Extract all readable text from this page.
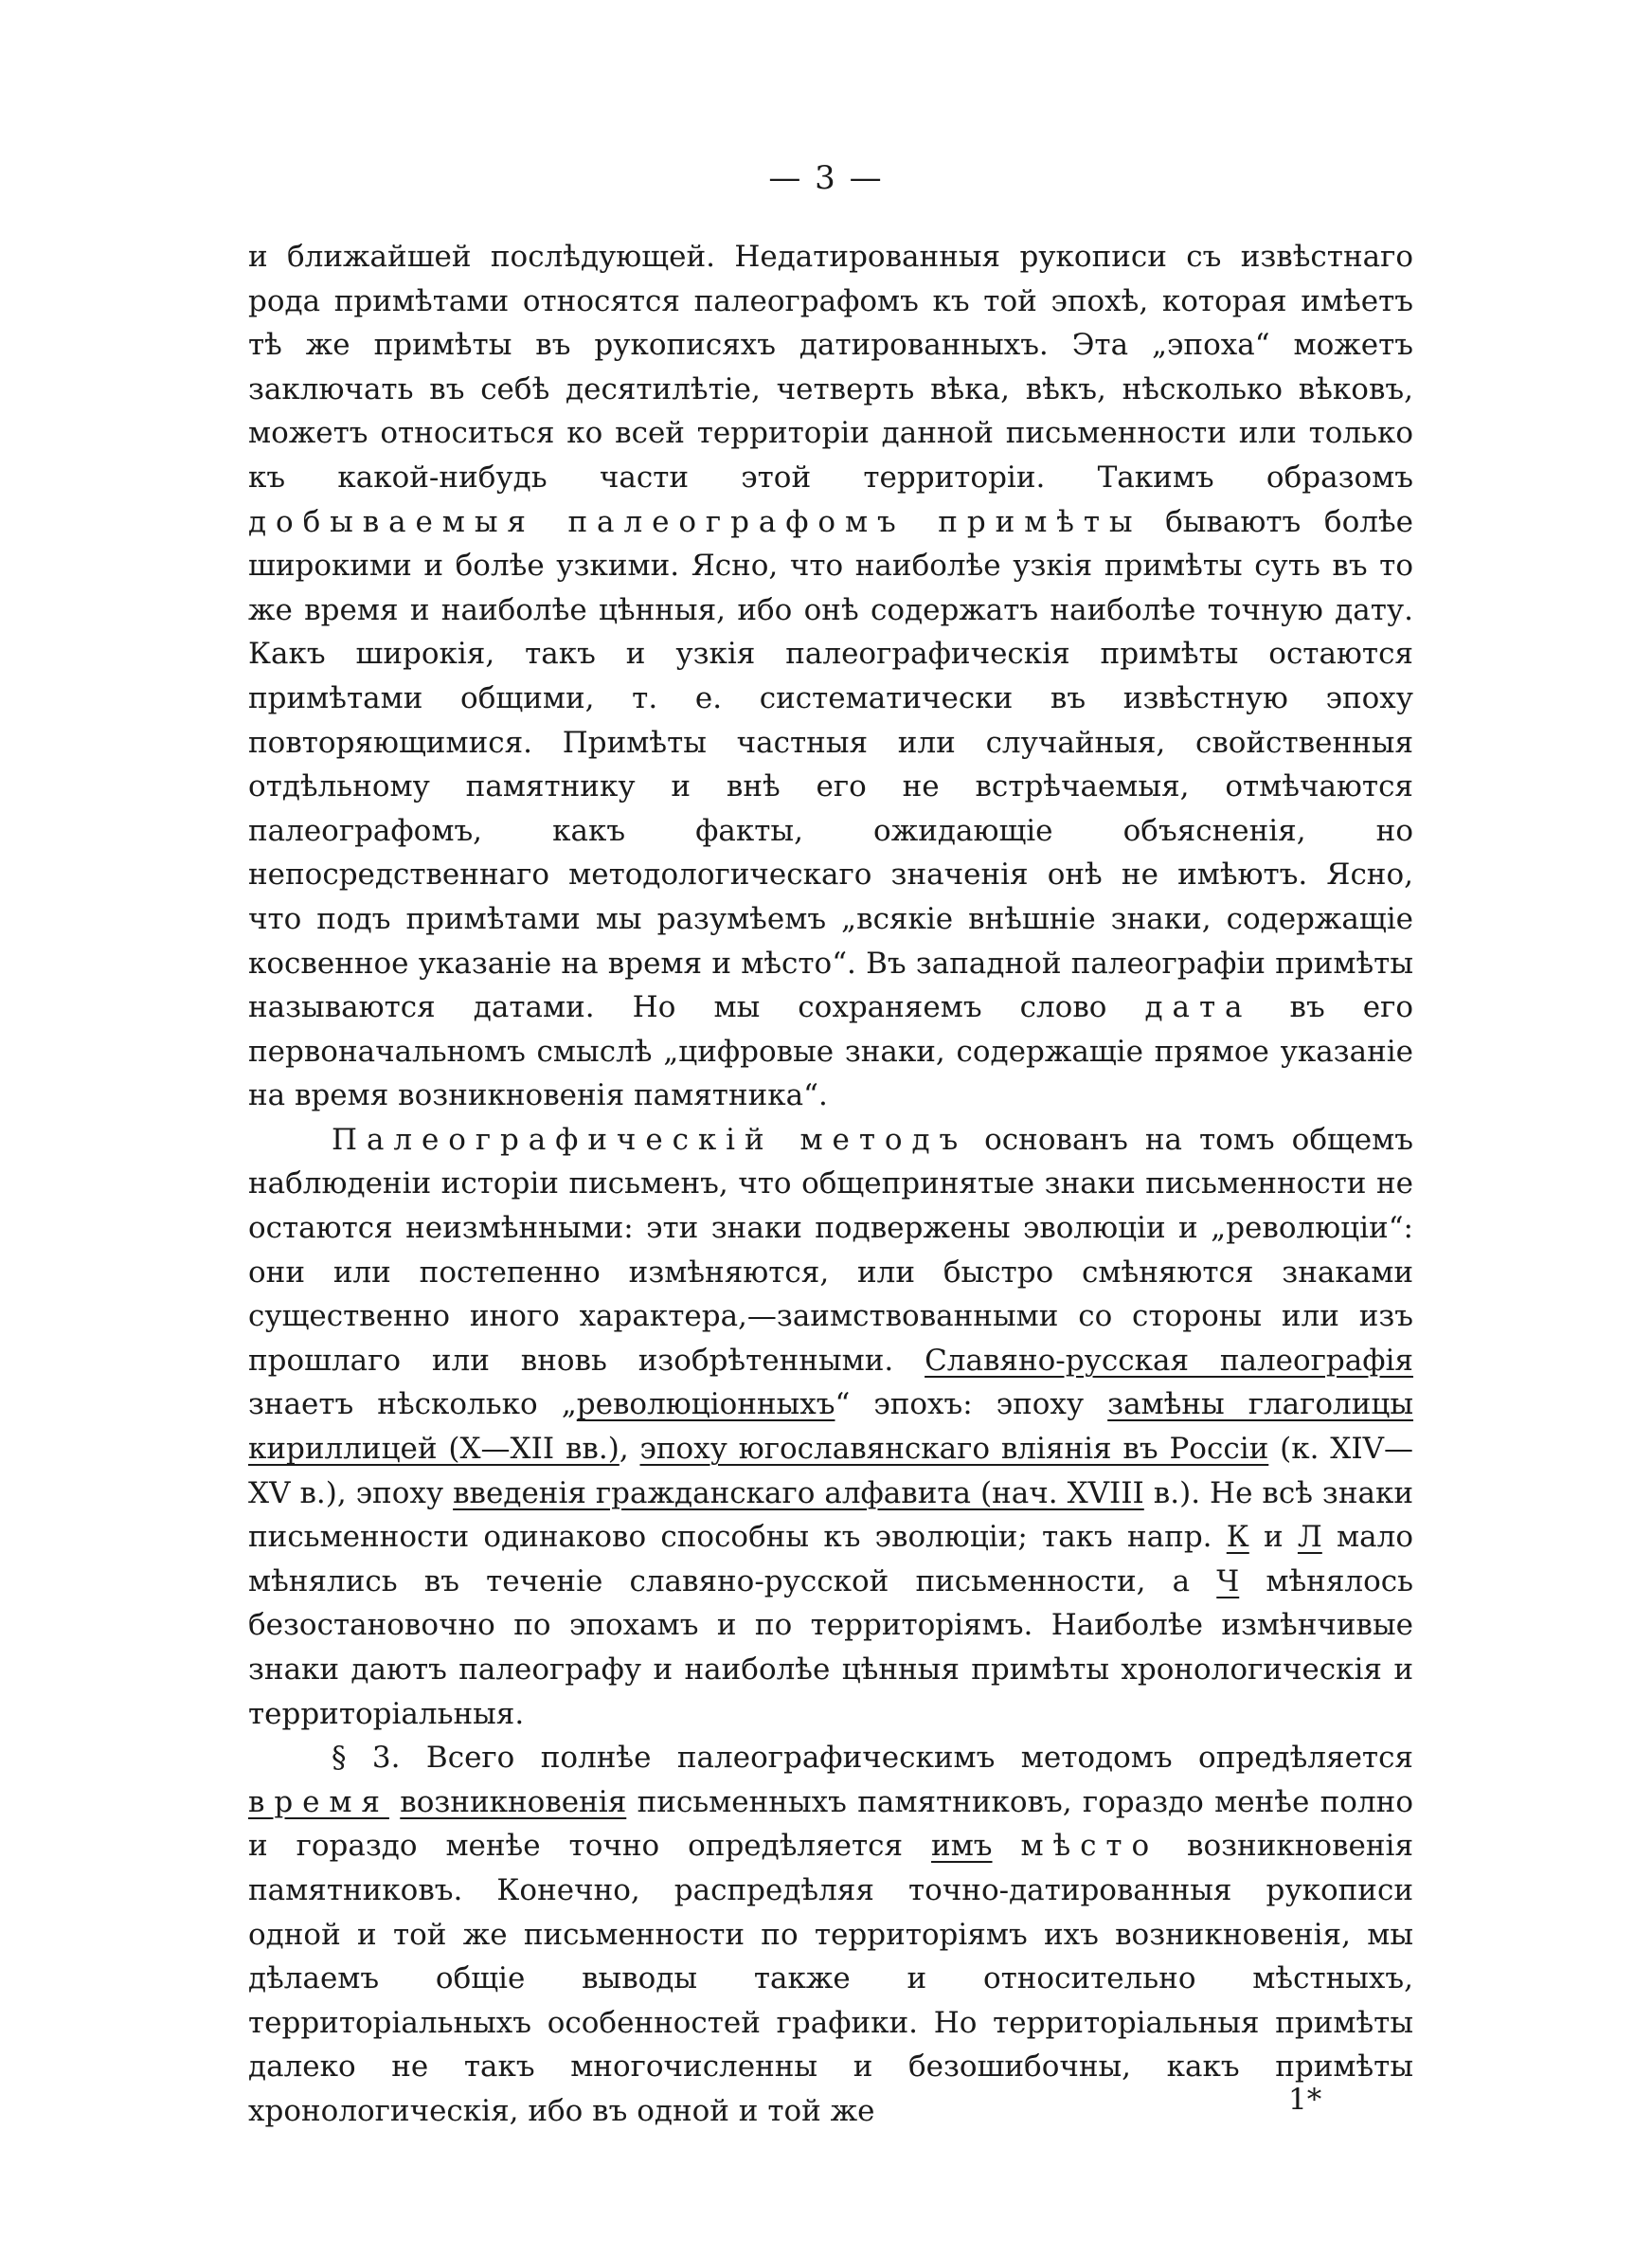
— 3 —

и ближайшей послѣдующей. Недатированныя рукописи съ извѣстнаго рода примѣтами относятся палеографомъ къ той эпохѣ, которая имѣетъ тѣ же примѣты въ рукописяхъ датированныхъ. Эта „эпоха“ можетъ заключать въ себѣ десятилѣтіе, четверть вѣка, вѣкъ, нѣсколько вѣковъ, можетъ относиться ко всей территоріи данной письменности или только къ какой-нибудь части этой территоріи. Такимъ образомъ добываемыя палеографомъ примѣты бываютъ болѣе широкими и болѣе узкими. Ясно, что наиболѣе узкія примѣты суть въ то же время и наиболѣе цѣнныя, ибо онѣ содержатъ наиболѣе точную дату. Какъ широкія, такъ и узкія палеографическія примѣты остаются примѣтами общими, т. е. систематически въ извѣстную эпоху повторяющимися. Примѣты частныя или случайныя, свойственныя отдѣльному памятнику и внѣ его не встрѣчаемыя, отмѣчаются палеографомъ, какъ факты, ожидающіе объясненія, но непосредственнаго методологическаго значенія онѣ не имѣютъ. Ясно, что подъ примѣтами мы разумѣемъ „всякіе внѣшніе знаки, содержащіе косвенное указаніе на время и мѣсто“. Въ западной палеографіи примѣты называются датами. Но мы сохраняемъ слово дата въ его первоначальномъ смыслѣ „цифровые знаки, содержащіе прямое указаніе на время возникновенія памятника“.

Палеографическій методъ основанъ на томъ общемъ наблюденіи исторіи письменъ, что общепринятые знаки письменности не остаются неизмѣнными: эти знаки подвержены эволюціи и „революціи“: они или постепенно измѣняются, или быстро смѣняются знаками существенно иного характера,—заимствованными со стороны или изъ прошлаго или вновь изобрѣтенными. Славяно-русская палеографія знаетъ нѣсколько „революціонныхъ“ эпохъ: эпоху замѣны глаголицы кириллицей (X—XII вв.), эпоху югославянскаго вліянія въ Россіи (к. XIV—XV в.), эпоху введенія гражданскаго алфавита (нач. XVIII в.). Не всѣ знаки письменности одинаково способны къ эволюціи; такъ напр. К и Л мало мѣнялись въ теченіе славяно-русской письменности, а Ч мѣнялось безостановочно по эпохамъ и по территоріямъ. Наиболѣе измѣнчивые знаки даютъ палеографу и наиболѣе цѣнныя примѣты хронологическія и территоріальныя.

§ 3. Всего полнѣе палеографическимъ методомъ опредѣляется время возникновенія письменныхъ памятниковъ, гораздо менѣе полно и гораздо менѣе точно опредѣляется имъ мѣсто возникновенія памятниковъ. Конечно, распредѣляя точно-датированныя рукописи одной и той же письменности по территоріямъ ихъ возникновенія, мы дѣлаемъ общіе выводы также и относительно мѣстныхъ, территоріальныхъ особенностей графики. Но территоріальныя примѣты далеко не такъ многочисленны и безошибочны, какъ примѣты хронологическія, ибо въ одной и той же	1*
